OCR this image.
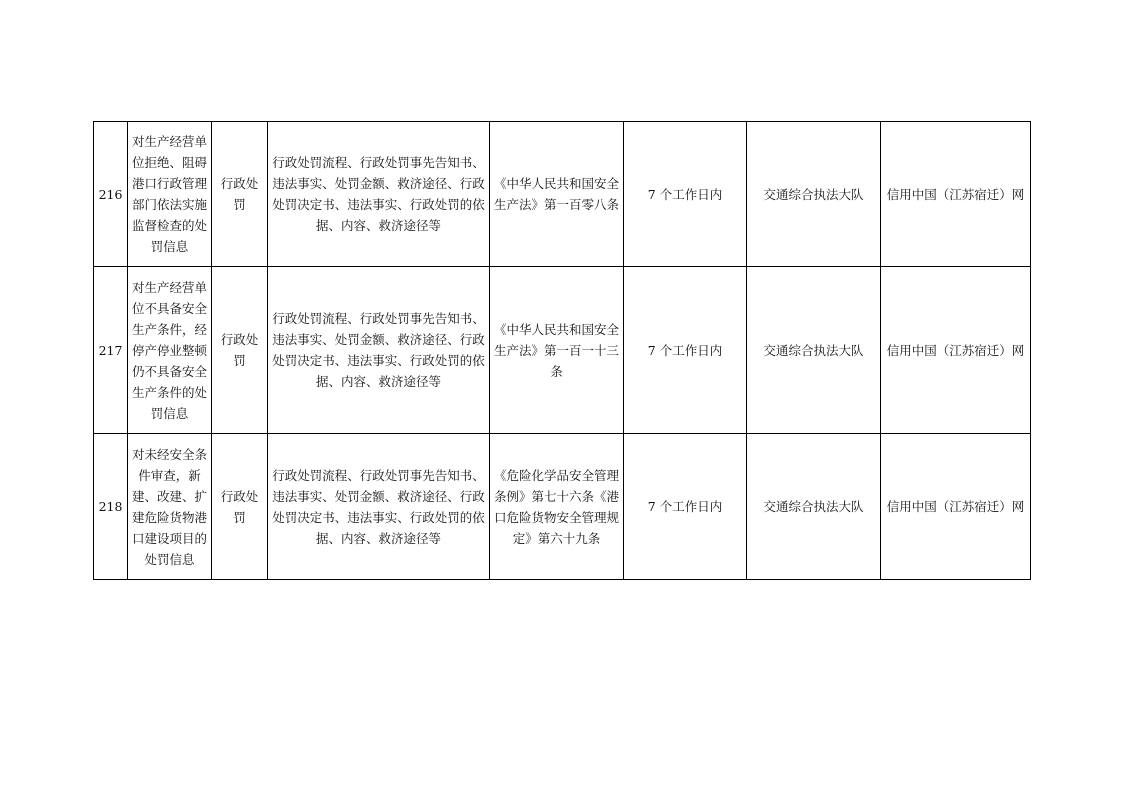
216	对生产经营单位拒绝、阻碍港口行政管理部门依法实施监督检查的处罚信息	行政处罚	行政处罚流程、行政处罚事先告知书、违法事实、处罚金额、救济途径、行政处罚决定书、违法事实、行政处罚的依据、内容、救济途径等	《中华人民共和国安全生产法》第一百零八条	7 个工作日内	交通综合执法大队	信用中国（江苏宿迁）网
217	对生产经营单位不具备安全生产条件，经停产停业整顿仍不具备安全生产条件的处罚信息	行政处罚	行政处罚流程、行政处罚事先告知书、违法事实、处罚金额、救济途径、行政处罚决定书、违法事实、行政处罚的依据、内容、救济途径等	《中华人民共和国安全生产法》第一百一十三条	7 个工作日内	交通综合执法大队	信用中国（江苏宿迁）网
218	对未经安全条件审查，新建、改建、扩建危险货物港口建设项目的处罚信息	行政处罚	行政处罚流程、行政处罚事先告知书、违法事实、处罚金额、救济途径、行政处罚决定书、违法事实、行政处罚的依据、内容、救济途径等	《危险化学品安全管理条例》第七十六条《港口危险货物安全管理规定》第六十九条	7 个工作日内	交通综合执法大队	信用中国（江苏宿迁）网
